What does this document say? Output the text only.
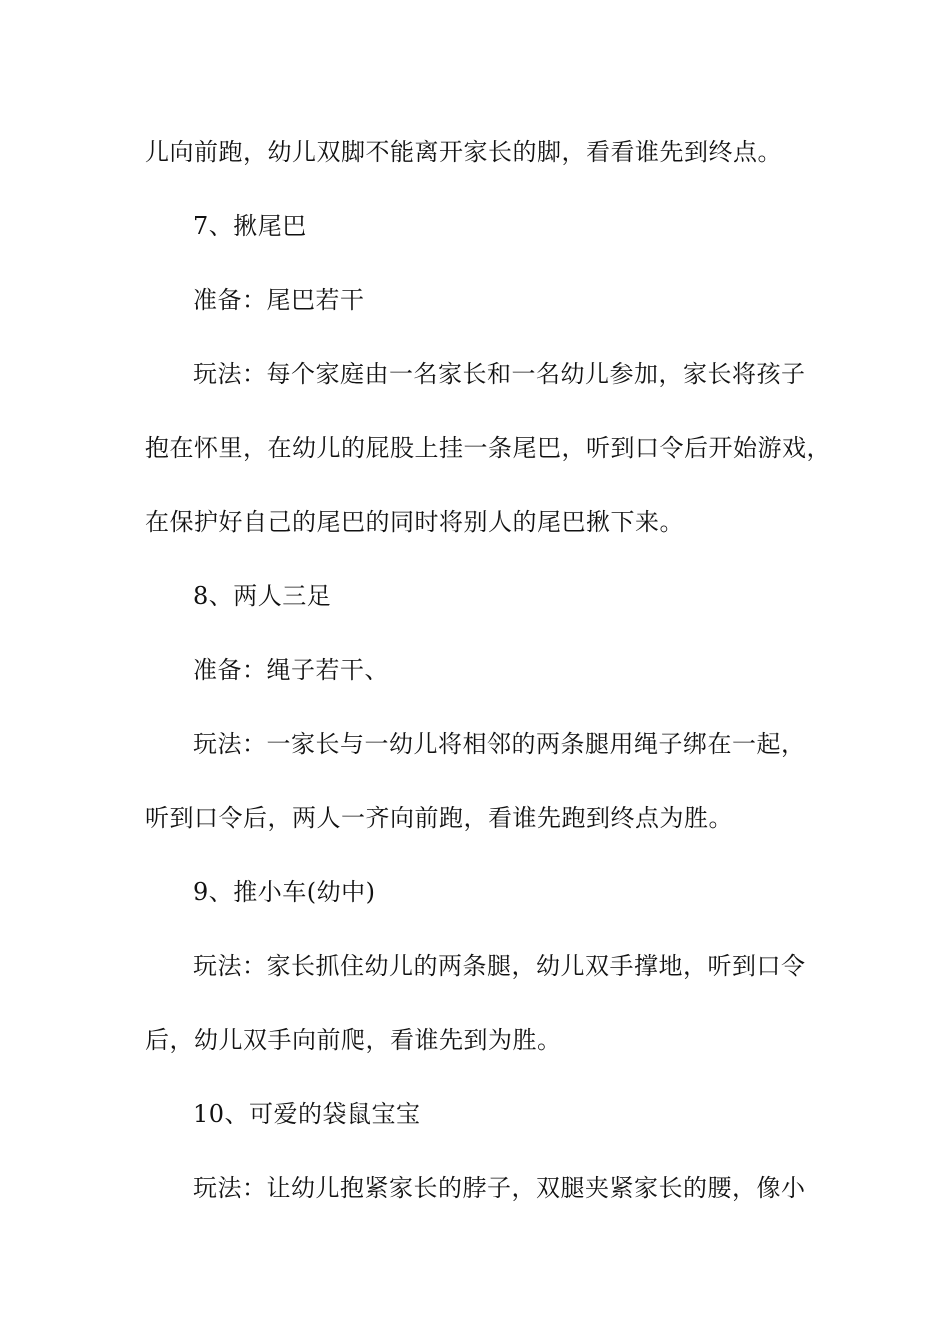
儿向前跑，幼儿双脚不能离开家长的脚，看看谁先到终点。
7、揪尾巴
准备：尾巴若干
玩法：每个家庭由一名家长和一名幼儿参加，家长将孩子
抱在怀里，在幼儿的屁股上挂一条尾巴，听到口令后开始游戏，
在保护好自己的尾巴的同时将别人的尾巴揪下来。
8、两人三足
准备：绳子若干、
玩法：一家长与一幼儿将相邻的两条腿用绳子绑在一起，
听到口令后，两人一齐向前跑，看谁先跑到终点为胜。
9、推小车(幼中)
玩法：家长抓住幼儿的两条腿，幼儿双手撑地，听到口令
后，幼儿双手向前爬，看谁先到为胜。
10、可爱的袋鼠宝宝
玩法：让幼儿抱紧家长的脖子，双腿夹紧家长的腰，像小
